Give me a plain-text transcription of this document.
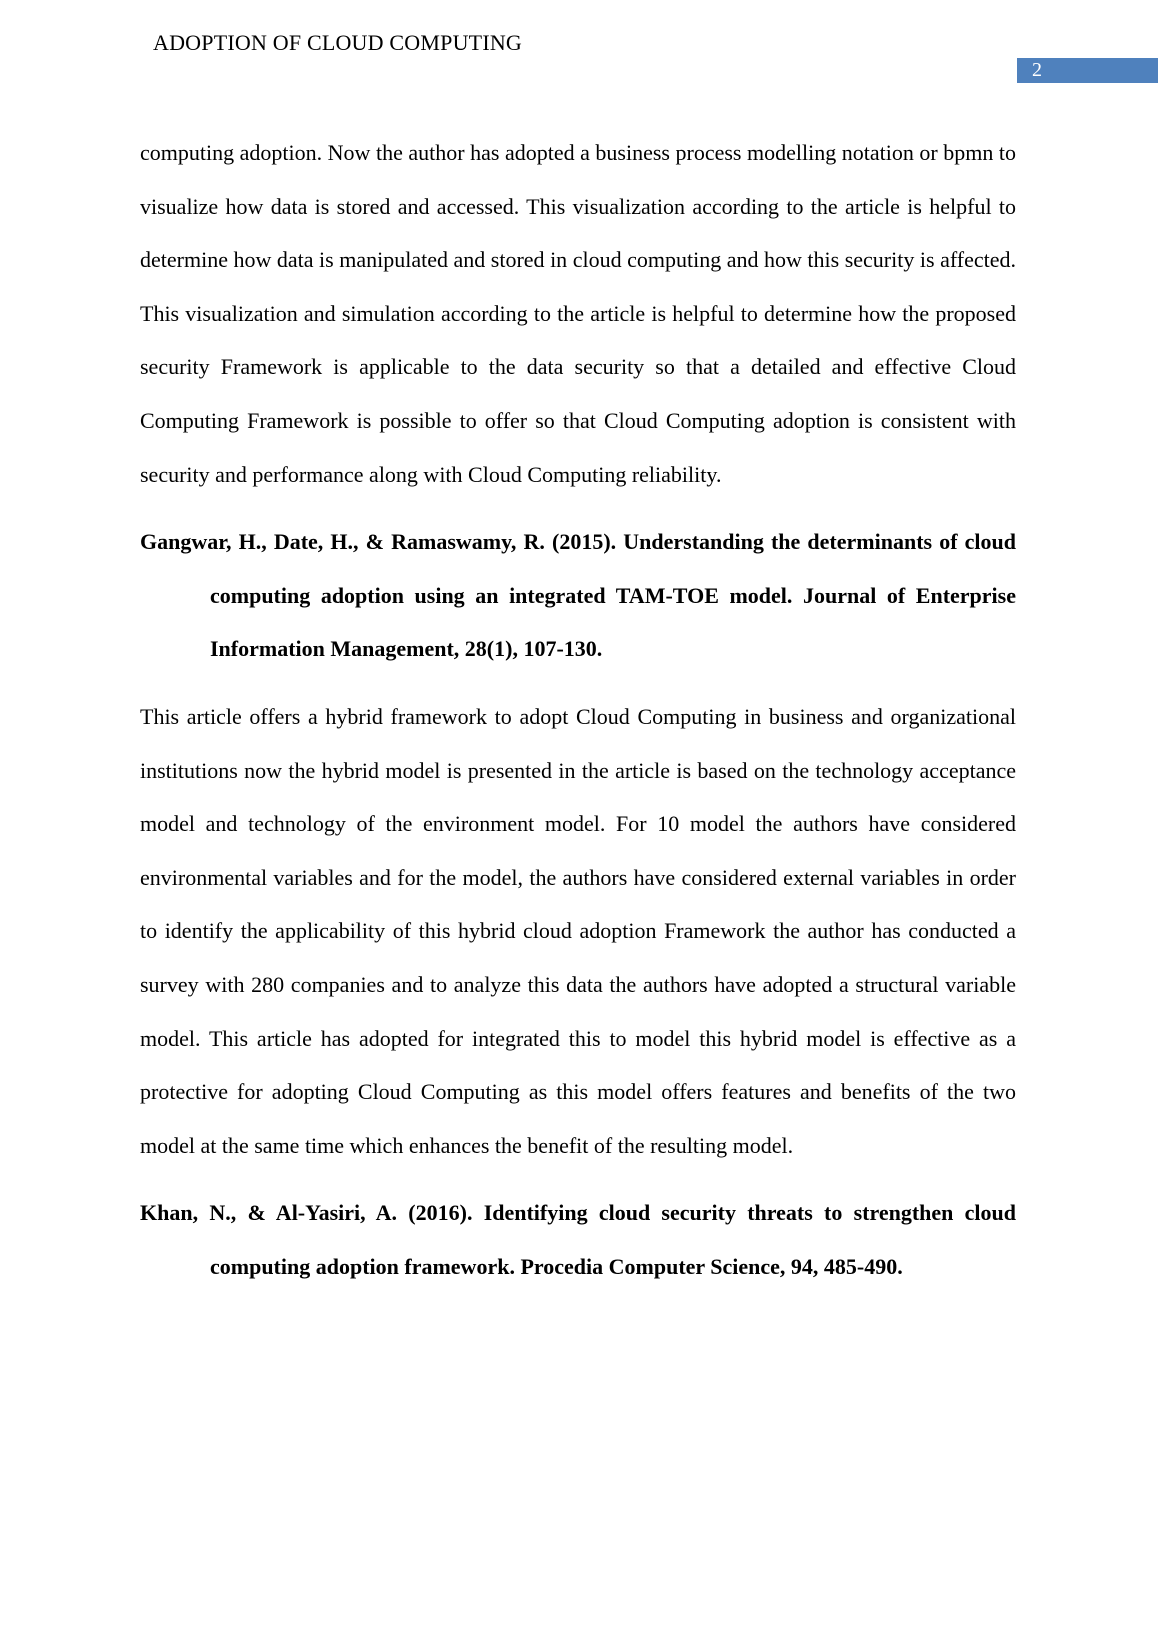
ADOPTION OF CLOUD COMPUTING
2

computing adoption. Now the author has adopted a business process modelling notation or bpmn to visualize how data is stored and accessed. This visualization according to the article is helpful to determine how data is manipulated and stored in cloud computing and how this security is affected. This visualization and simulation according to the article is helpful to determine how the proposed security Framework is applicable to the data security so that a detailed and effective Cloud Computing Framework is possible to offer so that Cloud Computing adoption is consistent with security and performance along with Cloud Computing reliability.

Gangwar, H., Date, H., & Ramaswamy, R. (2015). Understanding the determinants of cloud computing adoption using an integrated TAM-TOE model. Journal of Enterprise Information Management, 28(1), 107-130.

This article offers a hybrid framework to adopt Cloud Computing in business and organizational institutions now the hybrid model is presented in the article is based on the technology acceptance model and technology of the environment model. For 10 model the authors have considered environmental variables and for the model, the authors have considered external variables in order to identify the applicability of this hybrid cloud adoption Framework the author has conducted a survey with 280 companies and to analyze this data the authors have adopted a structural variable model. This article has adopted for integrated this to model this hybrid model is effective as a protective for adopting Cloud Computing as this model offers features and benefits of the two model at the same time which enhances the benefit of the resulting model.

Khan, N., & Al-Yasiri, A. (2016). Identifying cloud security threats to strengthen cloud computing adoption framework. Procedia Computer Science, 94, 485-490.
